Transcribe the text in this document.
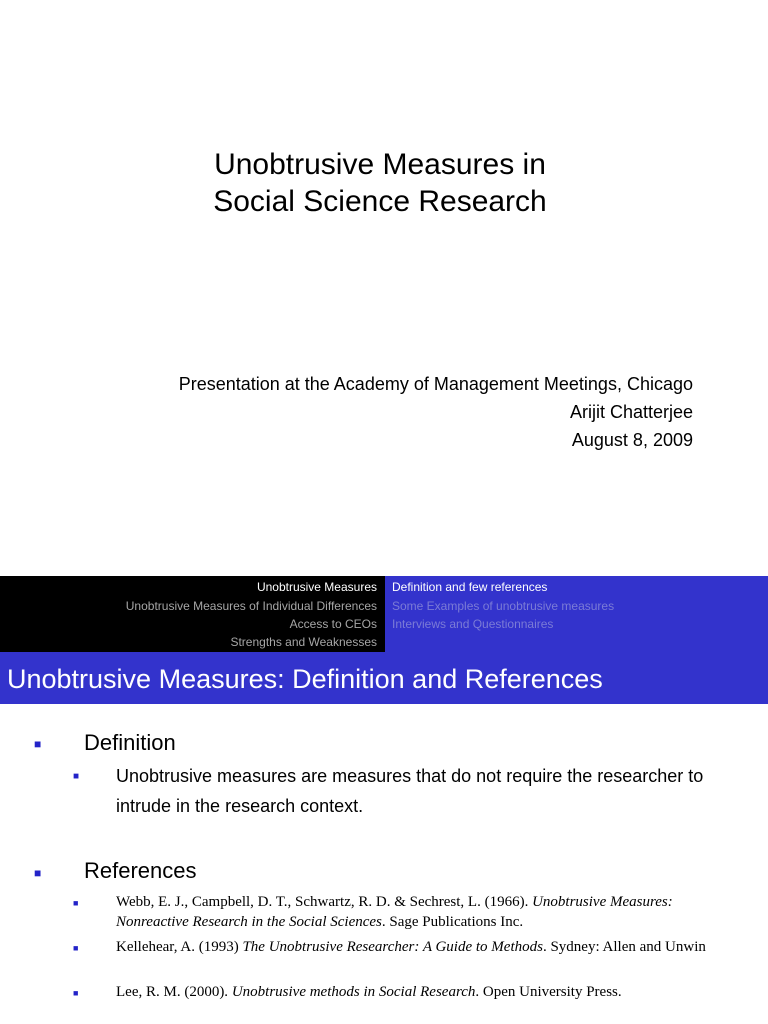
Unobtrusive Measures in
Social Science Research
Presentation at the Academy of Management Meetings, Chicago
Arijit Chatterjee
August 8, 2009
Unobtrusive Measures
Unobtrusive Measures of Individual Differences
Access to CEOs
Strengths and Weaknesses
Definition and few references
Some Examples of unobtrusive measures
Interviews and Questionnaires
Unobtrusive Measures: Definition and References
■ Definition
■ Unobtrusive measures are measures that do not require the researcher to intrude in the research context.
■ References
■	Webb, E. J., Campbell, D. T., Schwartz, R. D. & Sechrest, L. (1966). Unobtrusive Measures: Nonreactive Research in the Social Sciences. Sage Publications Inc.
■	Kellehear, A. (1993) The Unobtrusive Researcher: A Guide to Methods. Sydney: Allen and Unwin
■	Lee, R. M. (2000). Unobtrusive methods in Social Research. Open University Press.
